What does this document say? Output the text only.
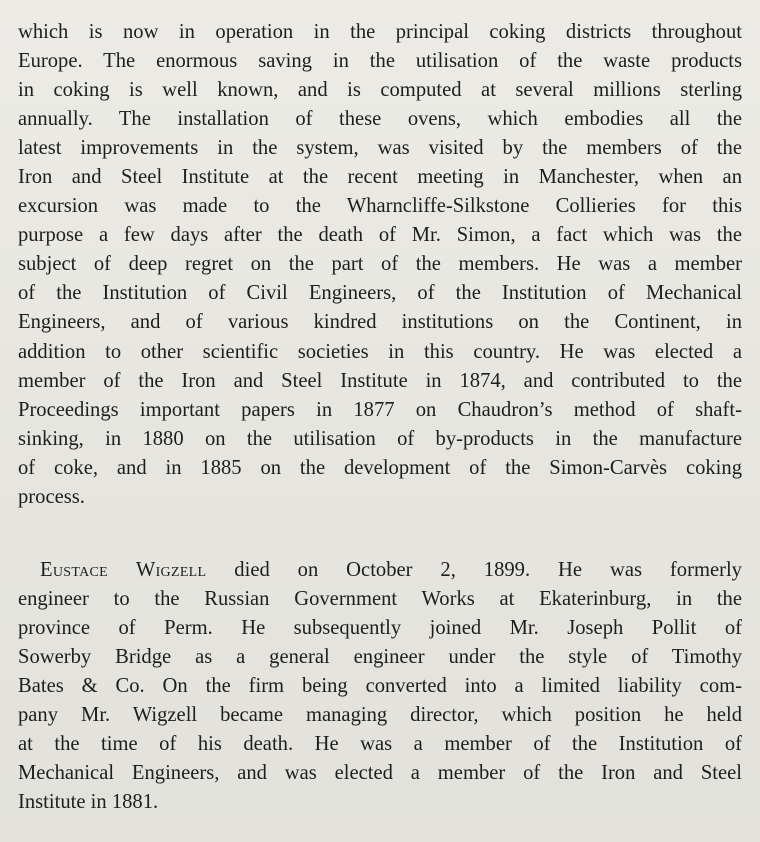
which is now in operation in the principal coking districts throughout
Europe. The enormous saving in the utilisation of the waste products
in coking is well known, and is computed at several millions sterling
annually. The installation of these ovens, which embodies all the
latest improvements in the system, was visited by the members of the
Iron and Steel Institute at the recent meeting in Manchester, when an
excursion was made to the Wharncliffe-Silkstone Collieries for this
purpose a few days after the death of Mr. Simon, a fact which was the
subject of deep regret on the part of the members. He was a member
of the Institution of Civil Engineers, of the Institution of Mechanical
Engineers, and of various kindred institutions on the Continent, in
addition to other scientific societies in this country. He was elected a
member of the Iron and Steel Institute in 1874, and contributed to the
Proceedings important papers in 1877 on Chaudron’s method of shaft-
sinking, in 1880 on the utilisation of by-products in the manufacture
of coke, and in 1885 on the development of the Simon-Carvès coking
process.
Eustace Wigzell died on October 2, 1899. He was formerly
engineer to the Russian Government Works at Ekaterinburg, in the
province of Perm. He subsequently joined Mr. Joseph Pollit of
Sowerby Bridge as a general engineer under the style of Timothy
Bates & Co. On the firm being converted into a limited liability com-
pany Mr. Wigzell became managing director, which position he held
at the time of his death. He was a member of the Institution of
Mechanical Engineers, and was elected a member of the Iron and Steel
Institute in 1881.
